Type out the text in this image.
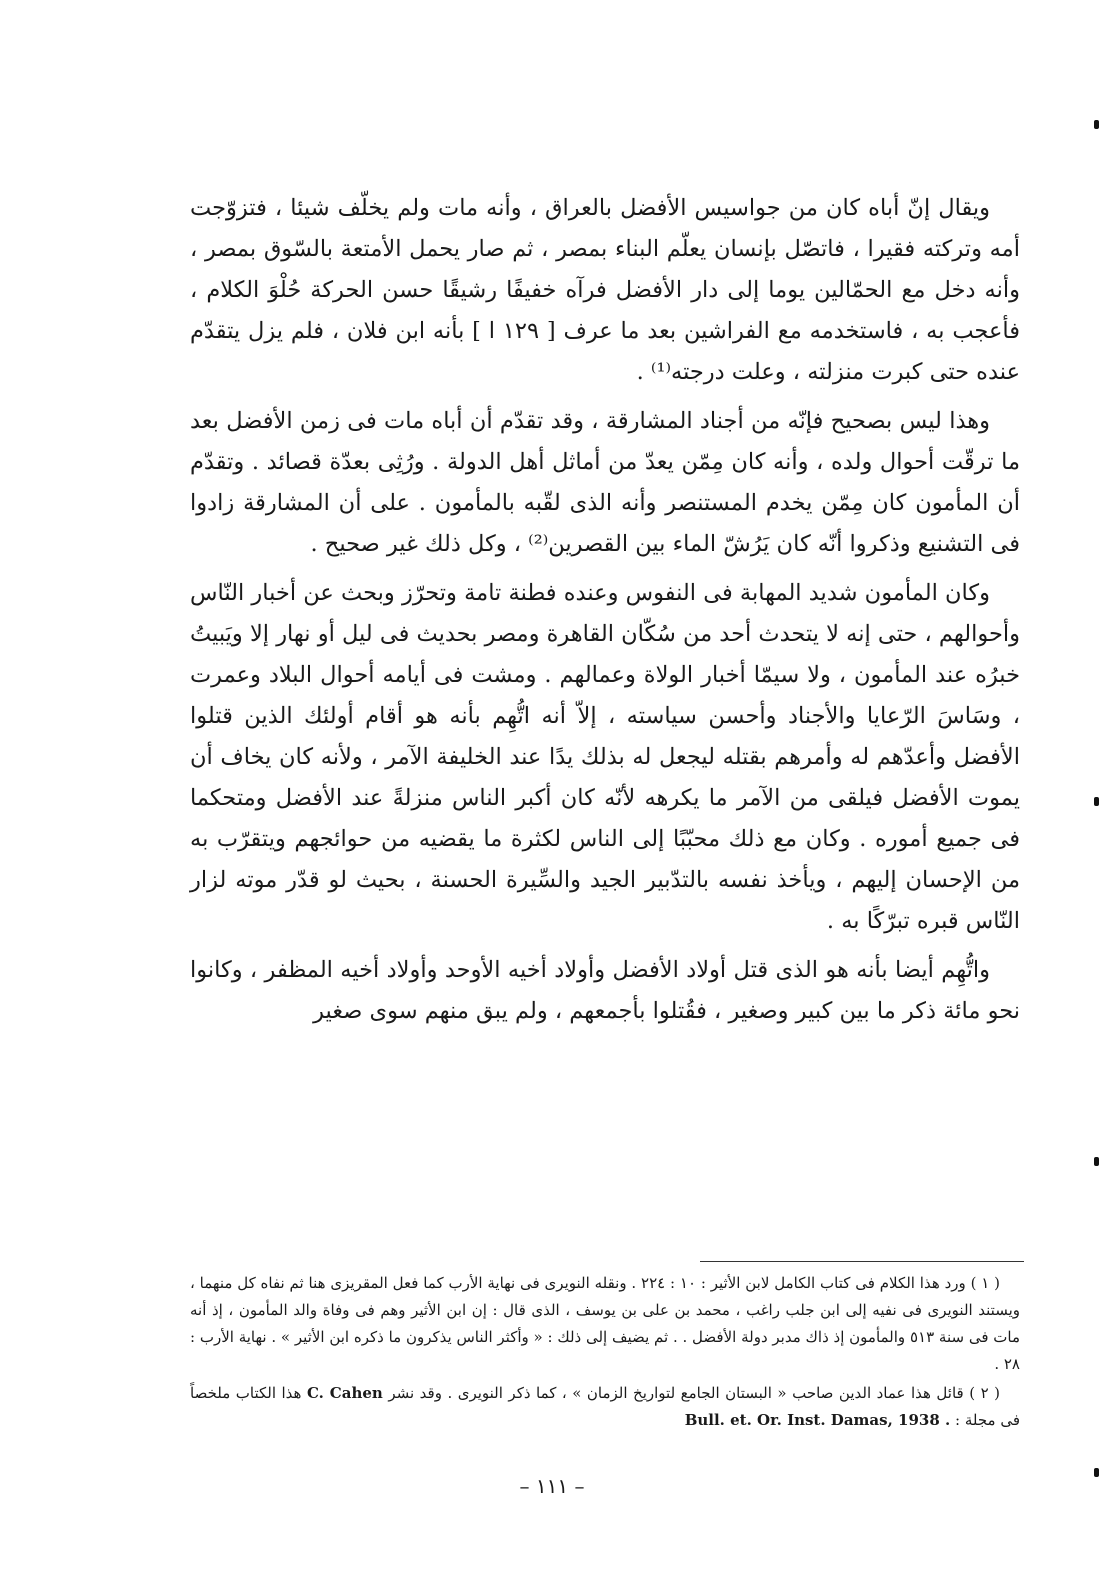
ويقال إنّ أباه كان من جواسيس الأفضل بالعراق ، وأنه مات ولم يخلّف شيئا ، فتزوّجت أمه وتركته فقيرا ، فاتصّل بإنسان يعلّم البناء بمصر ، ثم صار يحمل الأمتعة بالسّوق بمصر ، وأنه دخل مع الحمّالين يوما إلى دار الأفضل فرآه خفيفًا رشيقًا حسن الحركة حُلْوَ الكلام ، فأعجب به ، فاستخدمه مع الفراشين بعد ما عرف [ ١٢٩ ا ] بأنه ابن فلان ، فلم يزل يتقدّم عنده حتى كبرت منزلته ، وعلت درجته⁽¹⁾ .

وهذا ليس بصحيح فإنّه من أجناد المشارقة ، وقد تقدّم أن أباه مات فى زمن الأفضل بعد ما ترقّت أحوال ولده ، وأنه كان مِمّن يعدّ من أماثل أهل الدولة . ورُثِى بعدّة قصائد . وتقدّم أن المأمون كان مِمّن يخدم المستنصر وأنه الذى لقّبه بالمأمون . على أن المشارقة زادوا فى التشنيع وذكروا أنّه كان يَرُشّ الماء بين القصرين⁽²⁾ ، وكل ذلك غير صحيح .

وكان المأمون شديد المهابة فى النفوس وعنده فطنة تامة وتحرّز وبحث عن أخبار النّاس وأحوالهم ، حتى إنه لا يتحدث أحد من سُكّان القاهرة ومصر بحديث فى ليل أو نهار إلا ويَبيتُ خبرُه عند المأمون ، ولا سيمّا أخبار الولاة وعمالهم . ومشت فى أيامه أحوال البلاد وعمرت ، وسَاسَ الرّعايا والأجناد وأحسن سياسته ، إلاّ أنه اتُّهِم بأنه هو أقام أولئك الذين قتلوا الأفضل وأعدّهم له وأمرهم بقتله ليجعل له بذلك يدًا عند الخليفة الآمر ، ولأنه كان يخاف أن يموت الأفضل فيلقى من الآمر ما يكرهه لأنّه كان أكبر الناس منزلةً عند الأفضل ومتحكما فى جميع أموره . وكان مع ذلك محبّبًا إلى الناس لكثرة ما يقضيه من حوائجهم ويتقرّب به من الإحسان إليهم ، ويأخذ نفسه بالتدّبير الجيد والسِّيرة الحسنة ، بحيث لو قدّر موته لزار النّاس قبره تبرّكًا به .

واتُّهِم أيضا بأنه هو الذى قتل أولاد الأفضل وأولاد أخيه الأوحد وأولاد أخيه المظفر ، وكانوا نحو مائة ذكر ما بين كبير وصغير ، فقُتلوا بأجمعهم ، ولم يبق منهم سوى صغير

( ١ ) ورد هذا الكلام فى كتاب الكامل لابن الأثير : ١٠ : ٢٢٤ . ونقله النويرى فى نهاية الأرب كما فعل المقريزى هنا ثم نفاه كل منهما ، ويستند النويرى فى نفيه إلى ابن جلب راغب ، محمد بن على بن يوسف ، الذى قال : إن ابن الأثير وهم فى وفاة والد المأمون ، إذ أنه مات فى سنة ٥١٣ والمأمون إذ ذاك مدبر دولة الأفضل . . ثم يضيف إلى ذلك : « وأكثر الناس يذكرون ما ذكره ابن الأثير » . نهاية الأرب : ٢٨ .

( ٢ ) قائل هذا عماد الدين صاحب « البستان الجامع لتواريخ الزمان » ، كما ذكر النويرى . وقد نشر C. Cahen هذا الكتاب ملخصاً فى مجلة : Bull. et. Or. Inst. Damas, 1938 .

– ١١١ –
